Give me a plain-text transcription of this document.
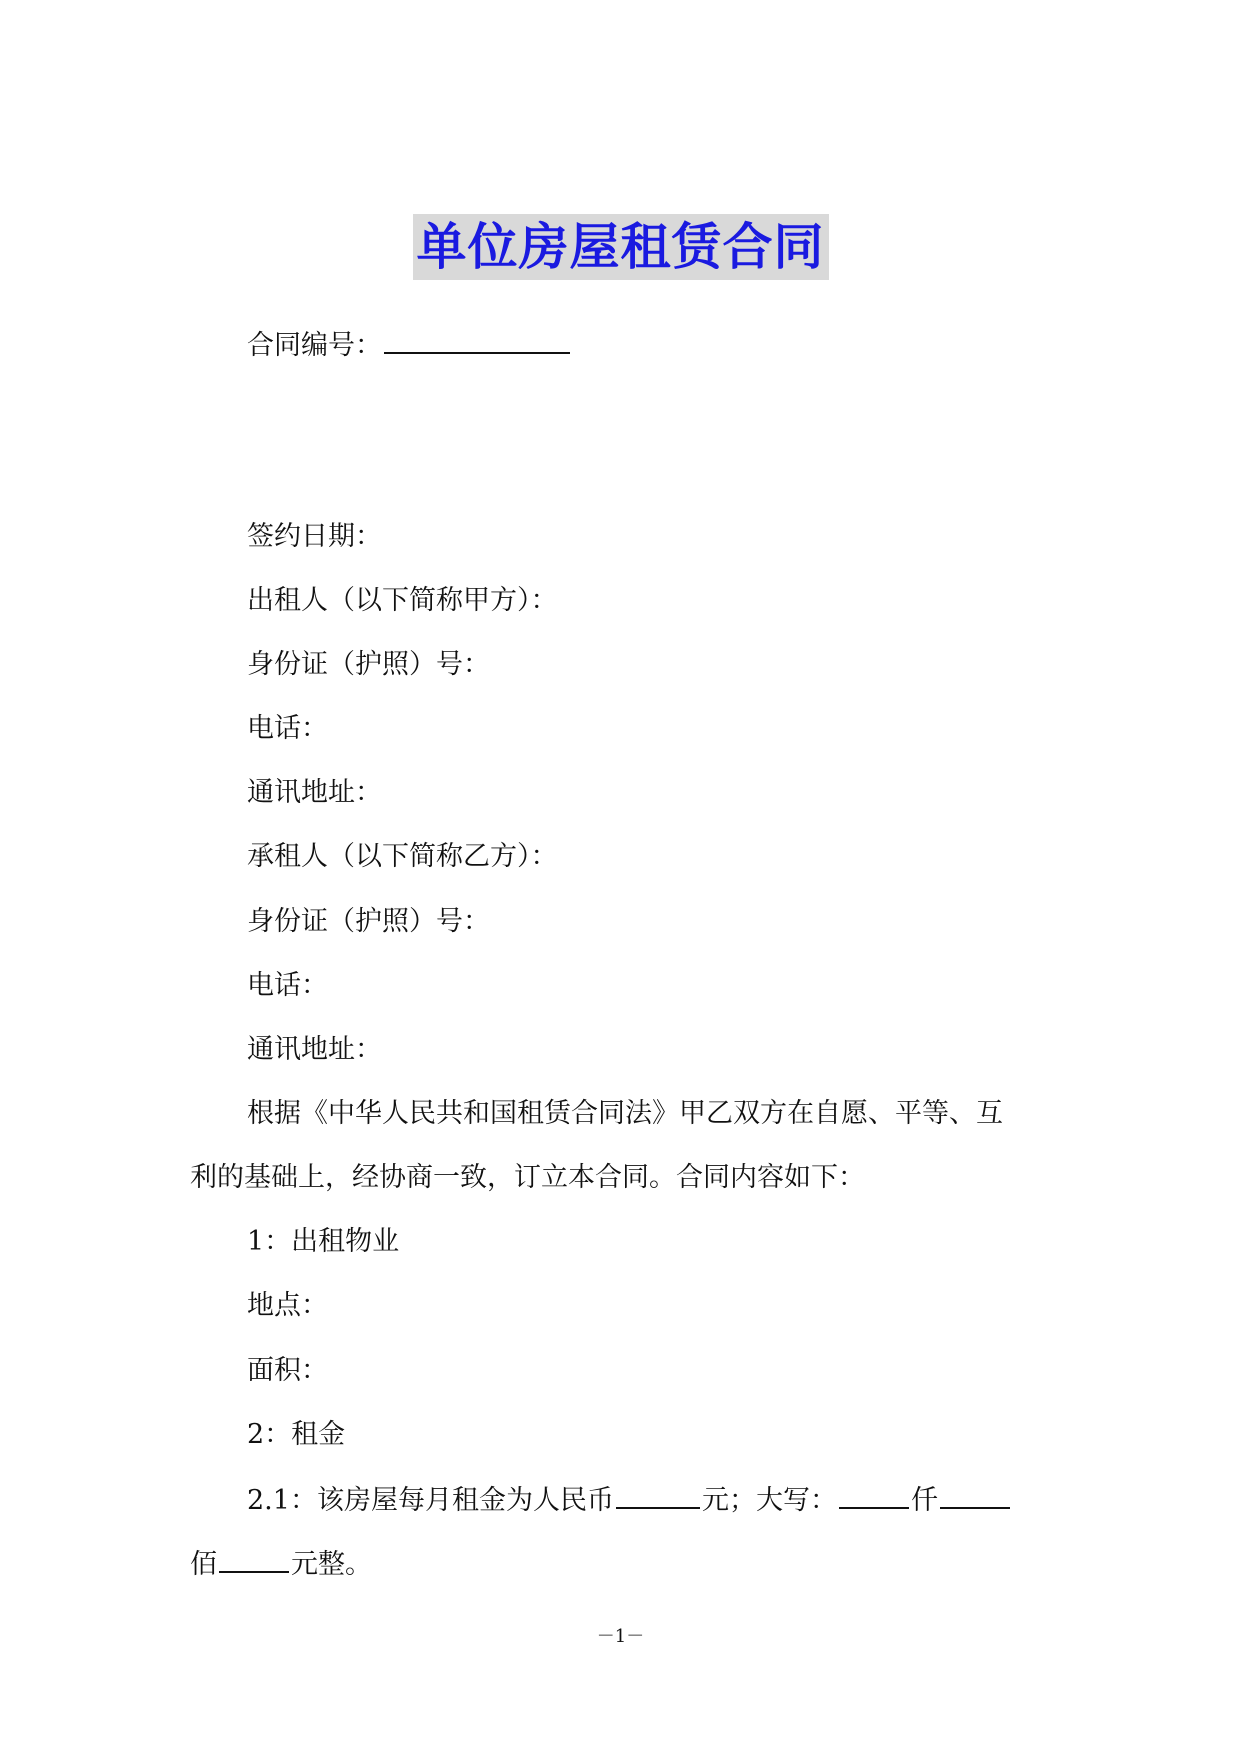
单位房屋租赁合同
合同编号：
签约日期：
出租人（以下简称甲方）：
身份证（护照）号：
电话：
通讯地址：
承租人（以下简称乙方）：
身份证（护照）号：
电话：
通讯地址：
根据《中华人民共和国租赁合同法》甲乙双方在自愿、平等、互
利的基础上，经协商一致，订立本合同。合同内容如下：
1：出租物业
地点：
面积：
2：租金
2.1：该房屋每月租金为人民币	元；大写：	仟
佰	元整。
－1－
